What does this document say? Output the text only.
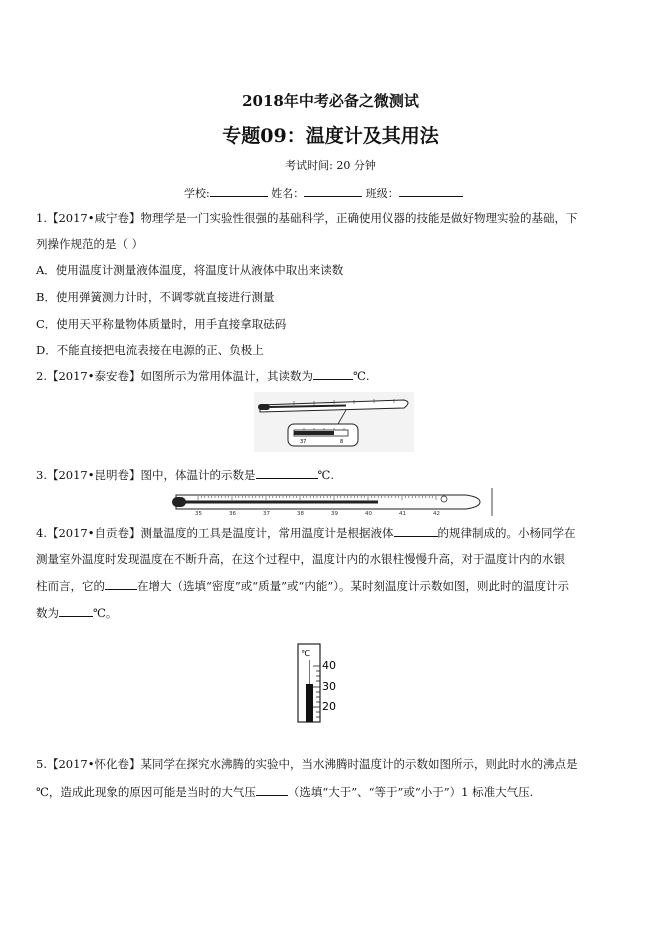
2018年中考必备之微测试
专题09：温度计及其用法
考试时间: 20 分钟
学校:	姓名：	班级：
1.【2017•咸宁卷】物理学是一门实验性很强的基础科学，正确使用仪器的技能是做好物理实验的基础，下
列操作规范的是（ ）
A．使用温度计测量液体温度，将温度计从液体中取出来读数
B．使用弹簧测力计时，不调零就直接进行测量
C．使用天平称量物体质量时，用手直接拿取砝码
D．不能直接把电流表接在电源的正、负极上
2.【2017•泰安卷】如图所示为常用体温计，其读数为	℃.
37	8
3.【2017•昆明卷】图中，体温计的示数是	℃.
35	36	37	38	39	40	41	42
4.【2017•自贡卷】测量温度的工具是温度计，常用温度计是根据液体	的规律制成的。小杨同学在
测量室外温度时发现温度在不断升高，在这个过程中，温度计内的水银柱慢慢升高，对于温度计内的水银
柱而言，它的	在增大（选填“密度”或“质量”或“内能”）。某时刻温度计示数如图，则此时的温度计示
数为	℃。
℃
40
30
20
5.【2017•怀化卷】某同学在探究水沸腾的实验中，当水沸腾时温度计的示数如图所示，则此时水的沸点是
℃，造成此现象的原因可能是当时的大气压	（选填“大于”、“等于”或“小于”）1 标准大气压.
